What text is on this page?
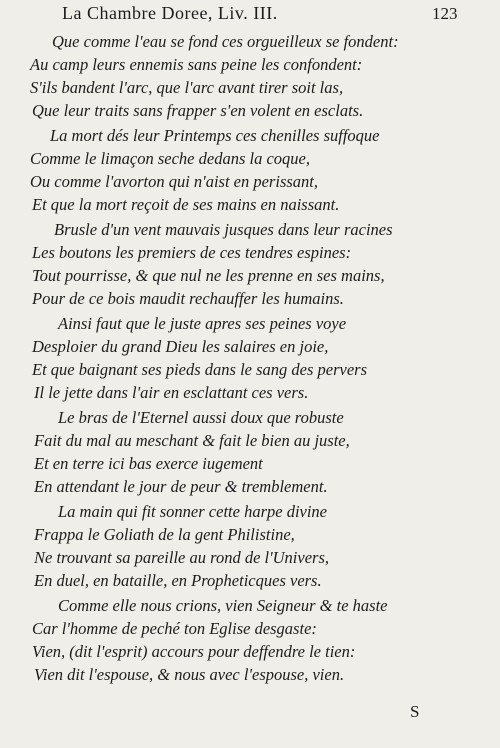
La Chambre Doree, Liv. III.	123
Que comme l'eau se fond ces orgueilleux se fondent:
Au camp leurs ennemis sans peine les confondent:
S'ils bandent l'arc, que l'arc avant tirer soit las,
Que leur traits sans frapper s'en volent en esclats.
La mort dés leur Printemps ces chenilles suffoque
Comme le limaçon seche dedans la coque,
Ou comme l'avorton qui n'aist en perissant,
Et que la mort reçoit de ses mains en naissant.
Brusle d'un vent mauvais jusques dans leur racines
Les boutons les premiers de ces tendres espines:
Tout pourrisse, & que nul ne les prenne en ses mains,
Pour de ce bois maudit rechauffer les humains.
Ainsi faut que le juste apres ses peines voye
Desploier du grand Dieu les salaires en joie,
Et que baignant ses pieds dans le sang des pervers
Il le jette dans l'air en esclattant ces vers.
Le bras de l'Eternel aussi doux que robuste
Fait du mal au meschant & fait le bien au juste,
Et en terre ici bas exerce iugement
En attendant le jour de peur & tremblement.
La main qui fit sonner cette harpe divine
Frappa le Goliath de la gent Philistine,
Ne trouvant sa pareille au rond de l'Univers,
En duel, en bataille, en Propheticques vers.
Comme elle nous crions, vien Seigneur & te haste
Car l'homme de peché ton Eglise desgaste:
Vien, (dit l'esprit) accours pour deffendre le tien:
Vien dit l'espouse, & nous avec l'espouse, vien.
S
